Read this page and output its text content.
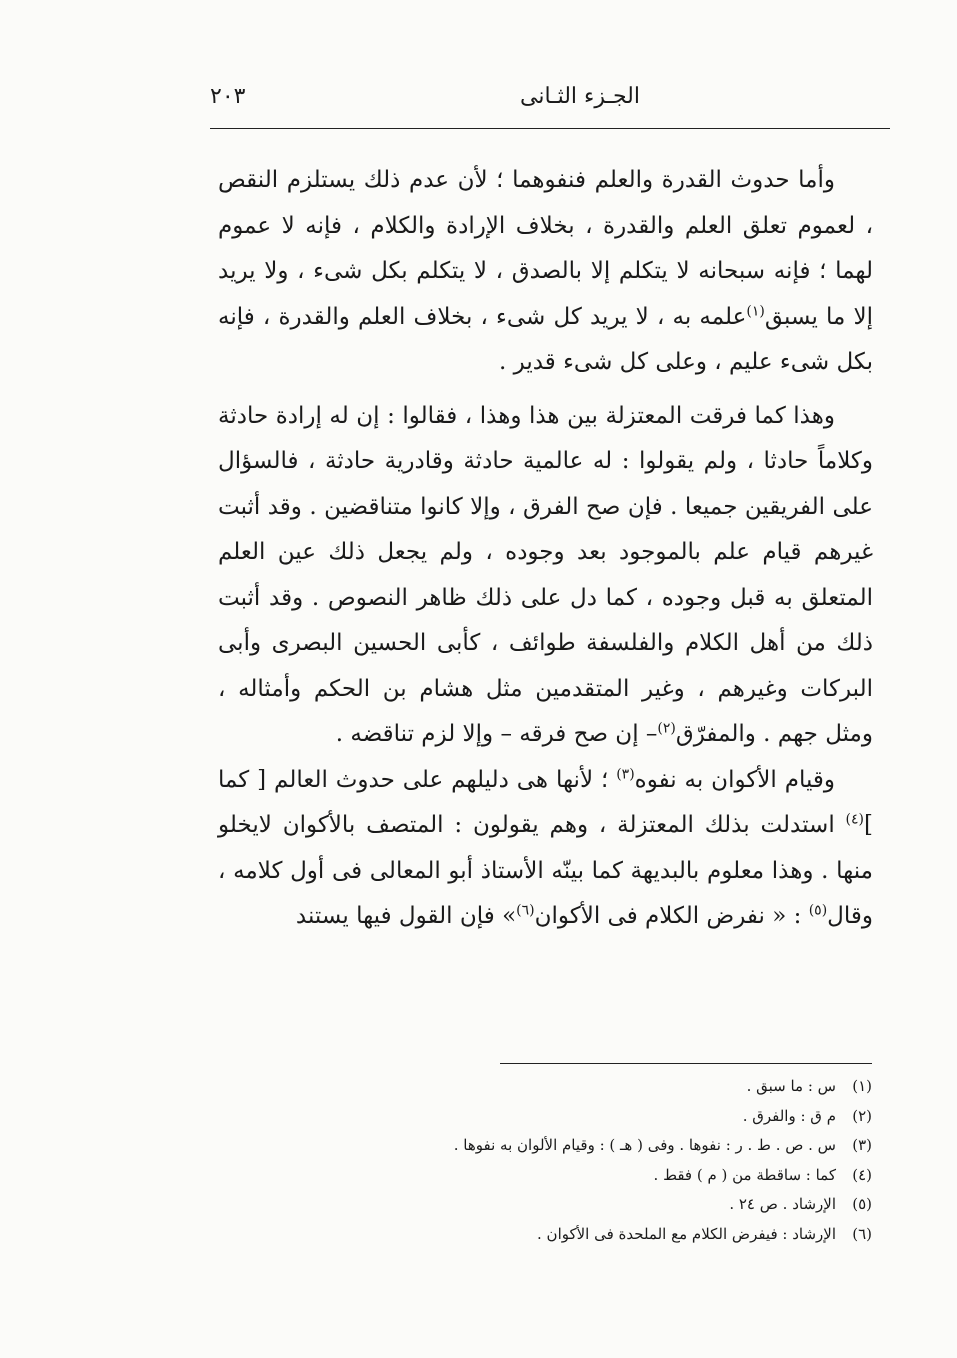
الجـزء الثـانى
٢٠٣

وأما حدوث القدرة والعلم فنفوهما ؛ لأن عدم ذلك يستلزم النقص ، لعموم تعلق العلم والقدرة ، بخلاف الإرادة والكلام ، فإنه لا عموم لهما ؛ فإنه سبحانه لا يتكلم إلا بالصدق ، لا يتكلم بكل شىء ، ولا يريد إلا ما يسبق$^{(١)}$علمه به ، لا يريد كل شىء ، بخلاف العلم والقدرة ، فإنه بكل شىء عليم ، وعلى كل شىء قدير .

وهذا كما فرقت المعتزلة بين هذا وهذا ، فقالوا : إن له إرادة حادثة وكلاماً حادثا ، ولم يقولوا : له عالمية حادثة وقادرية حادثة ، فالسؤال على الفريقين جميعا . فإن صح الفرق ، وإلا كانوا متناقضين . وقد أثبت غيرهم قيام علم بالموجود بعد وجوده ، ولم يجعل ذلك عين العلم المتعلق به قبل وجوده ، كما دل على ذلك ظاهر النصوص . وقد أثبت ذلك من أهل الكلام والفلسفة طوائف ، كأبى الحسين البصرى وأبى البركات وغيرهم ، وغير المتقدمين مثل هشام بن الحكم وأمثاله ، ومثل جهم . والمفرّق$^{(٢)}$– إن صح فرقه – وإلا لزم تناقضه .

وقيام الأكوان به نفوه$^{(٣)}$ ؛ لأنها هى دليلهم على حدوث العالم [ كما ]$^{(٤)}$ استدلت بذلك المعتزلة ، وهم يقولون : المتصف بالأكوان لايخلو منها . وهذا معلوم بالبديهة كما بينّه الأستاذ أبو المعالى فى أول كلامه ، وقال$^{(٥)}$ : « نفرض الكلام فى الأكوان$^{(٦)}$» فإن القول فيها يستند

(١)س : ما سبق .
(٢)م ق : والفرق .
(٣)س . ص . ط . ر : نفوها . وفى ( هـ ) : وقيام الألوان به نفوها .
(٤)كما : ساقطة من ( م ) فقط .
(٥)الإرشاد . ص ٢٤ .
(٦)الإرشاد : فيفرض الكلام مع الملحدة فى الأكوان .
